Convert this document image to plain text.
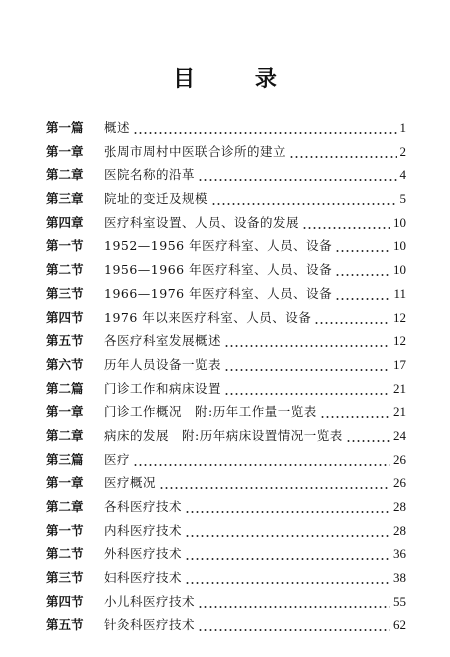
目 录
第一篇	概述	1
第一章	张周市周村中医联合诊所的建立	2
第二章	医院名称的沿革	4
第三章	院址的变迁及规模	5
第四章	医疗科室设置、人员、设备的发展	10
第一节	1952—1956 年医疗科室、人员、设备	10
第二节	1956—1966 年医疗科室、人员、设备	10
第三节	1966—1976 年医疗科室、人员、设备	11
第四节	1976 年以来医疗科室、人员、设备	12
第五节	各医疗科室发展概述	12
第六节	历年人员设备一览表	17
第二篇	门诊工作和病床设置	21
第一章	门诊工作概况　附:历年工作量一览表	21
第二章	病床的发展　附:历年病床设置情况一览表	24
第三篇	医疗	26
第一章	医疗概况	26
第二章	各科医疗技术	28
第一节	内科医疗技术	28
第二节	外科医疗技术	36
第三节	妇科医疗技术	38
第四节	小儿科医疗技术	55
第五节	针灸科医疗技术	62
